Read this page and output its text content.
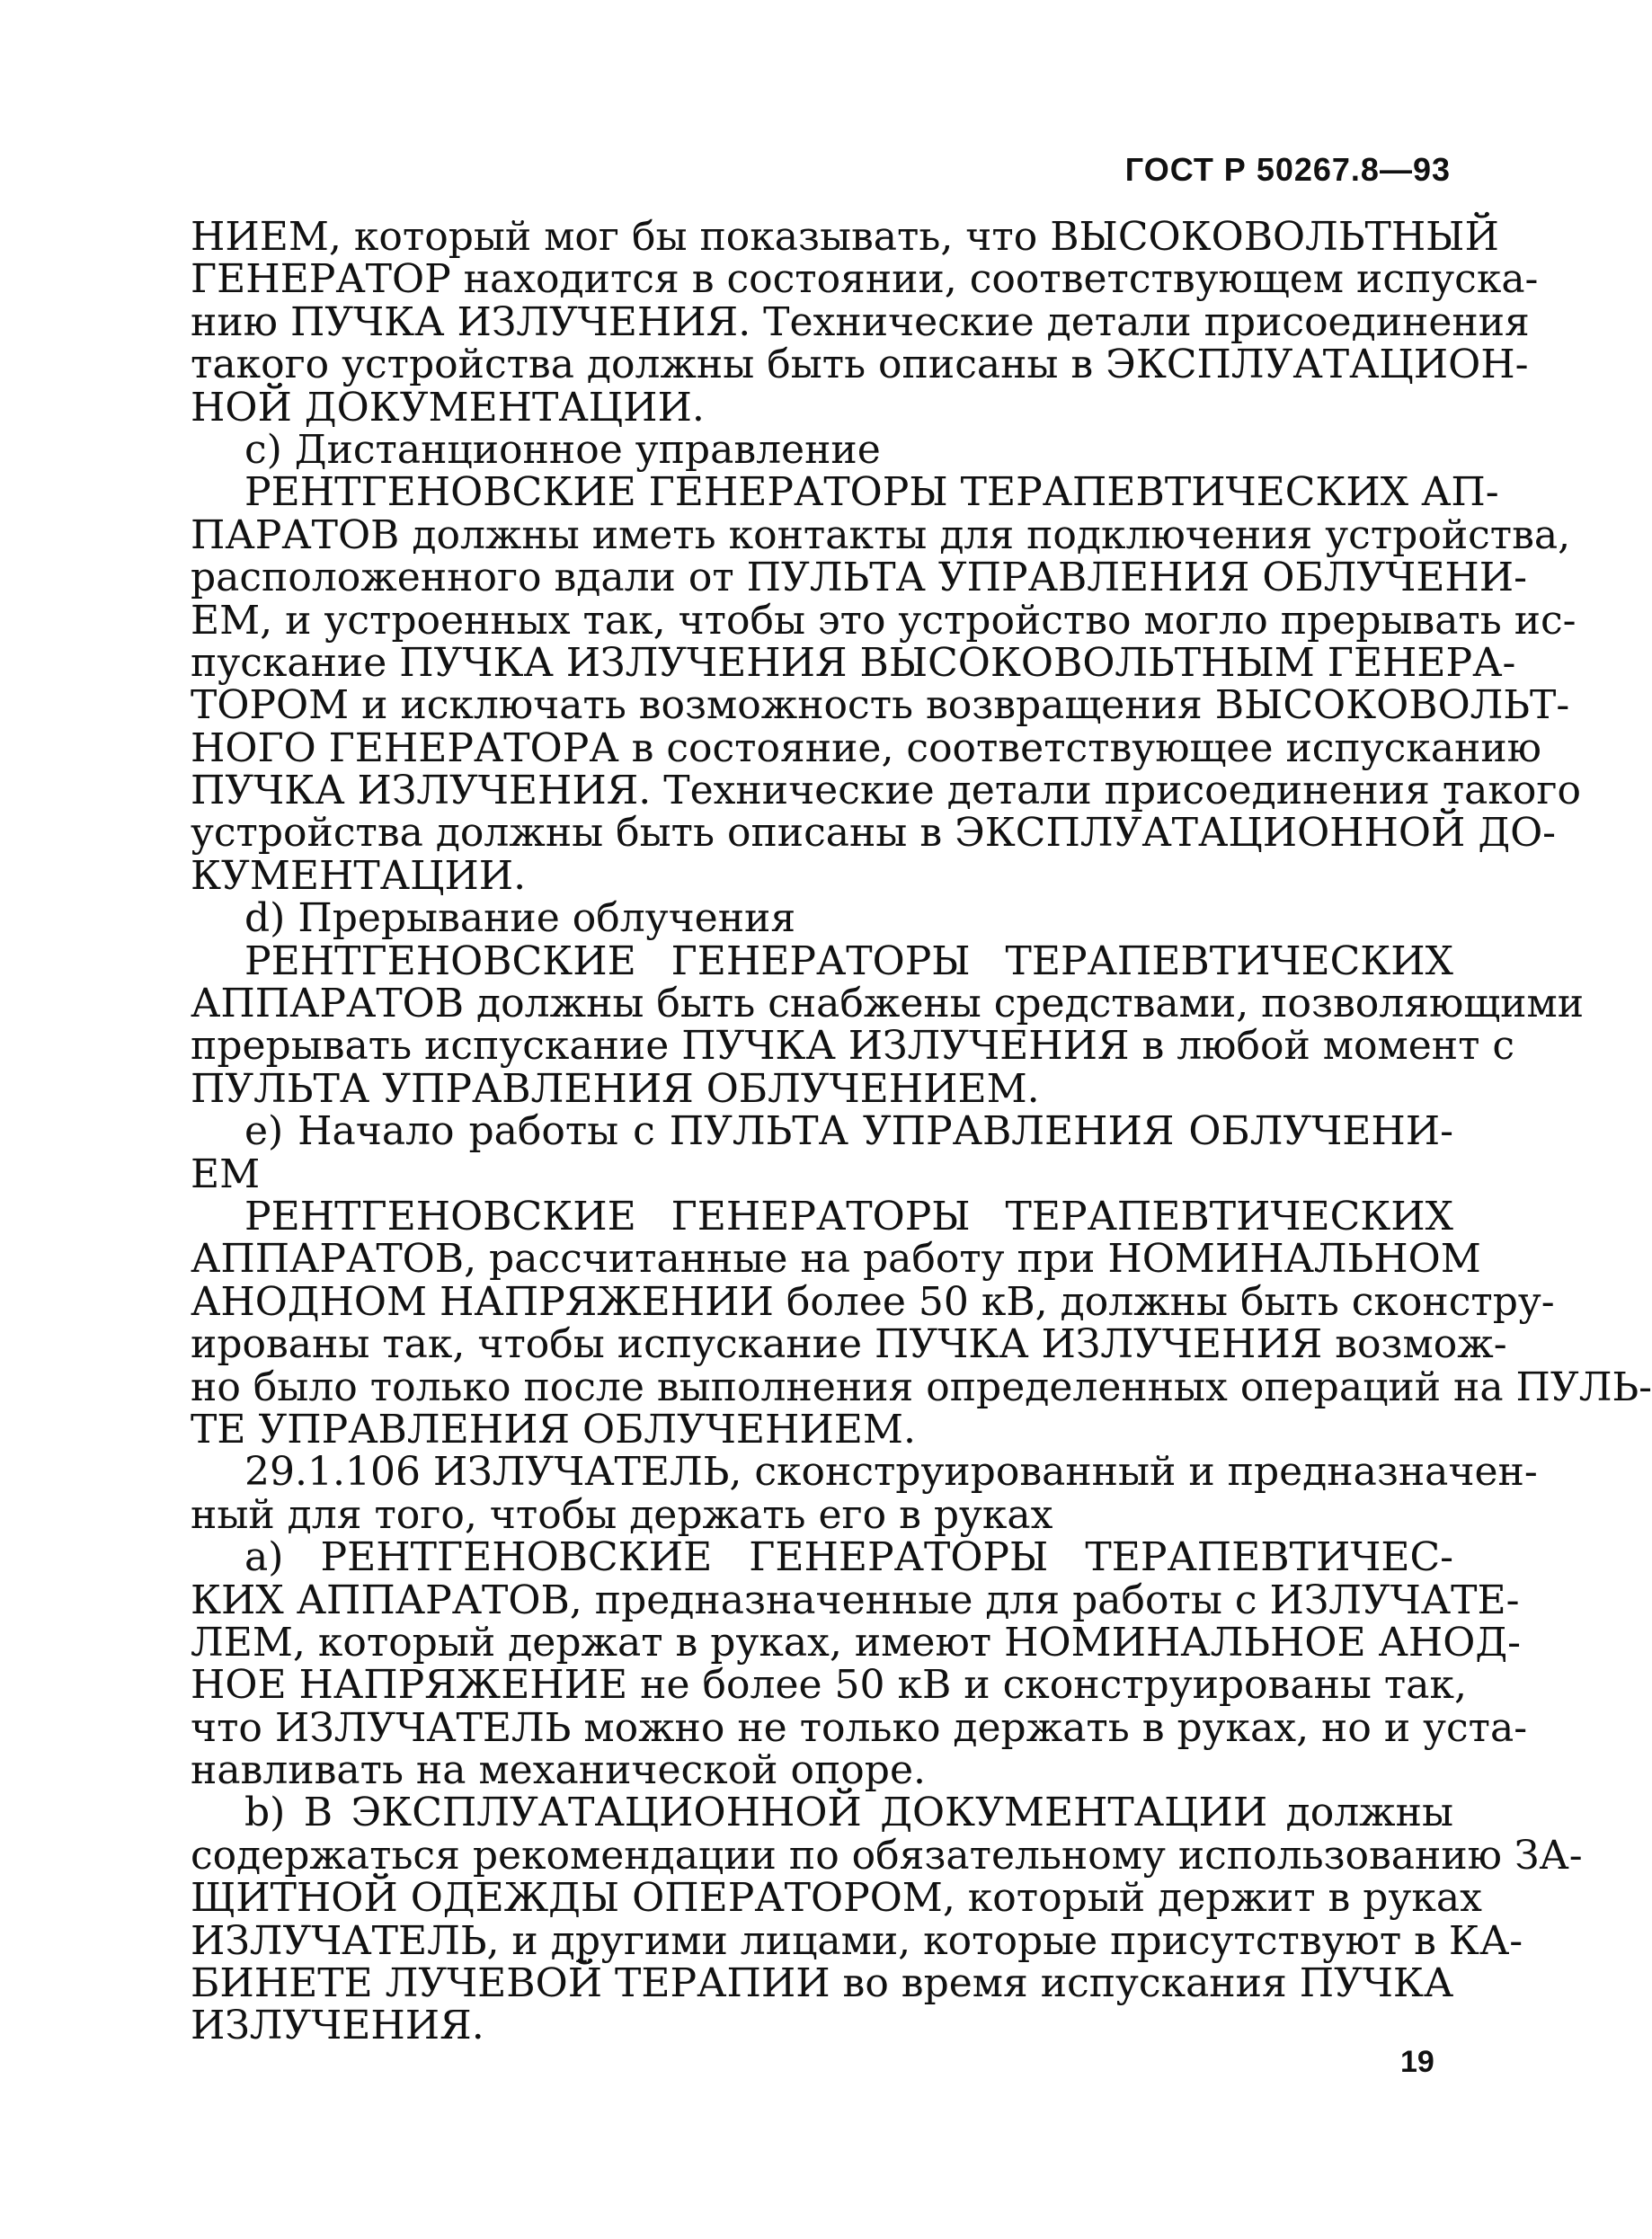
ГОСТ Р 50267.8—93
НИЕМ, который мог бы показывать, что ВЫСОКОВОЛЬТНЫЙ
ГЕНЕРАТОР находится в состоянии, соответствующем испуска-
нию ПУЧКА ИЗЛУЧЕНИЯ. Технические детали присоединения
такого устройства должны быть описаны в ЭКСПЛУАТАЦИОН-
НОЙ ДОКУМЕНТАЦИИ.
c) Дистанционное управление
РЕНТГЕНОВСКИЕ ГЕНЕРАТОРЫ ТЕРАПЕВТИЧЕСКИХ АП-
ПАРАТОВ должны иметь контакты для подключения устройства,
расположенного вдали от ПУЛЬТА УПРАВЛЕНИЯ ОБЛУЧЕНИ-
ЕМ, и устроенных так, чтобы это устройство могло прерывать ис-
пускание ПУЧКА ИЗЛУЧЕНИЯ ВЫСОКОВОЛЬТНЫМ ГЕНЕРА-
ТОРОМ и исключать возможность возвращения ВЫСОКОВОЛЬТ-
НОГО ГЕНЕРАТОРА в состояние, соответствующее испусканию
ПУЧКА ИЗЛУЧЕНИЯ. Технические детали присоединения такого
устройства должны быть описаны в ЭКСПЛУАТАЦИОННОЙ ДО-
КУМЕНТАЦИИ.
d) Прерывание облучения
РЕНТГЕНОВСКИЕ ГЕНЕРАТОРЫ ТЕРАПЕВТИЧЕСКИХ
АППАРАТОВ должны быть снабжены средствами, позволяющими
прерывать испускание ПУЧКА ИЗЛУЧЕНИЯ в любой момент с
ПУЛЬТА УПРАВЛЕНИЯ ОБЛУЧЕНИЕМ.
e) Начало работы с ПУЛЬТА УПРАВЛЕНИЯ ОБЛУЧЕНИ-
ЕМ
РЕНТГЕНОВСКИЕ ГЕНЕРАТОРЫ ТЕРАПЕВТИЧЕСКИХ
АППАРАТОВ, рассчитанные на работу при НОМИНАЛЬНОМ
АНОДНОМ НАПРЯЖЕНИИ более 50 кВ, должны быть сконстру-
ированы так, чтобы испускание ПУЧКА ИЗЛУЧЕНИЯ возмож-
но было только после выполнения определенных операций на ПУЛЬ-
ТЕ УПРАВЛЕНИЯ ОБЛУЧЕНИЕМ.
29.1.106 ИЗЛУЧАТЕЛЬ, сконструированный и предназначен-
ный для того, чтобы держать его в руках
a) РЕНТГЕНОВСКИЕ ГЕНЕРАТОРЫ ТЕРАПЕВТИЧЕС-
КИХ АППАРАТОВ, предназначенные для работы с ИЗЛУЧАТЕ-
ЛЕМ, который держат в руках, имеют НОМИНАЛЬНОЕ АНОД-
НОЕ НАПРЯЖЕНИЕ не более 50 кВ и сконструированы так,
что ИЗЛУЧАТЕЛЬ можно не только держать в руках, но и уста-
навливать на механической опоре.
b) В ЭКСПЛУАТАЦИОННОЙ ДОКУМЕНТАЦИИ должны
содержаться рекомендации по обязательному использованию ЗА-
ЩИТНОЙ ОДЕЖДЫ ОПЕРАТОРОМ, который держит в руках
ИЗЛУЧАТЕЛЬ, и другими лицами, которые присутствуют в КА-
БИНЕТЕ ЛУЧЕВОЙ ТЕРАПИИ во время испускания ПУЧКА
ИЗЛУЧЕНИЯ.
19
